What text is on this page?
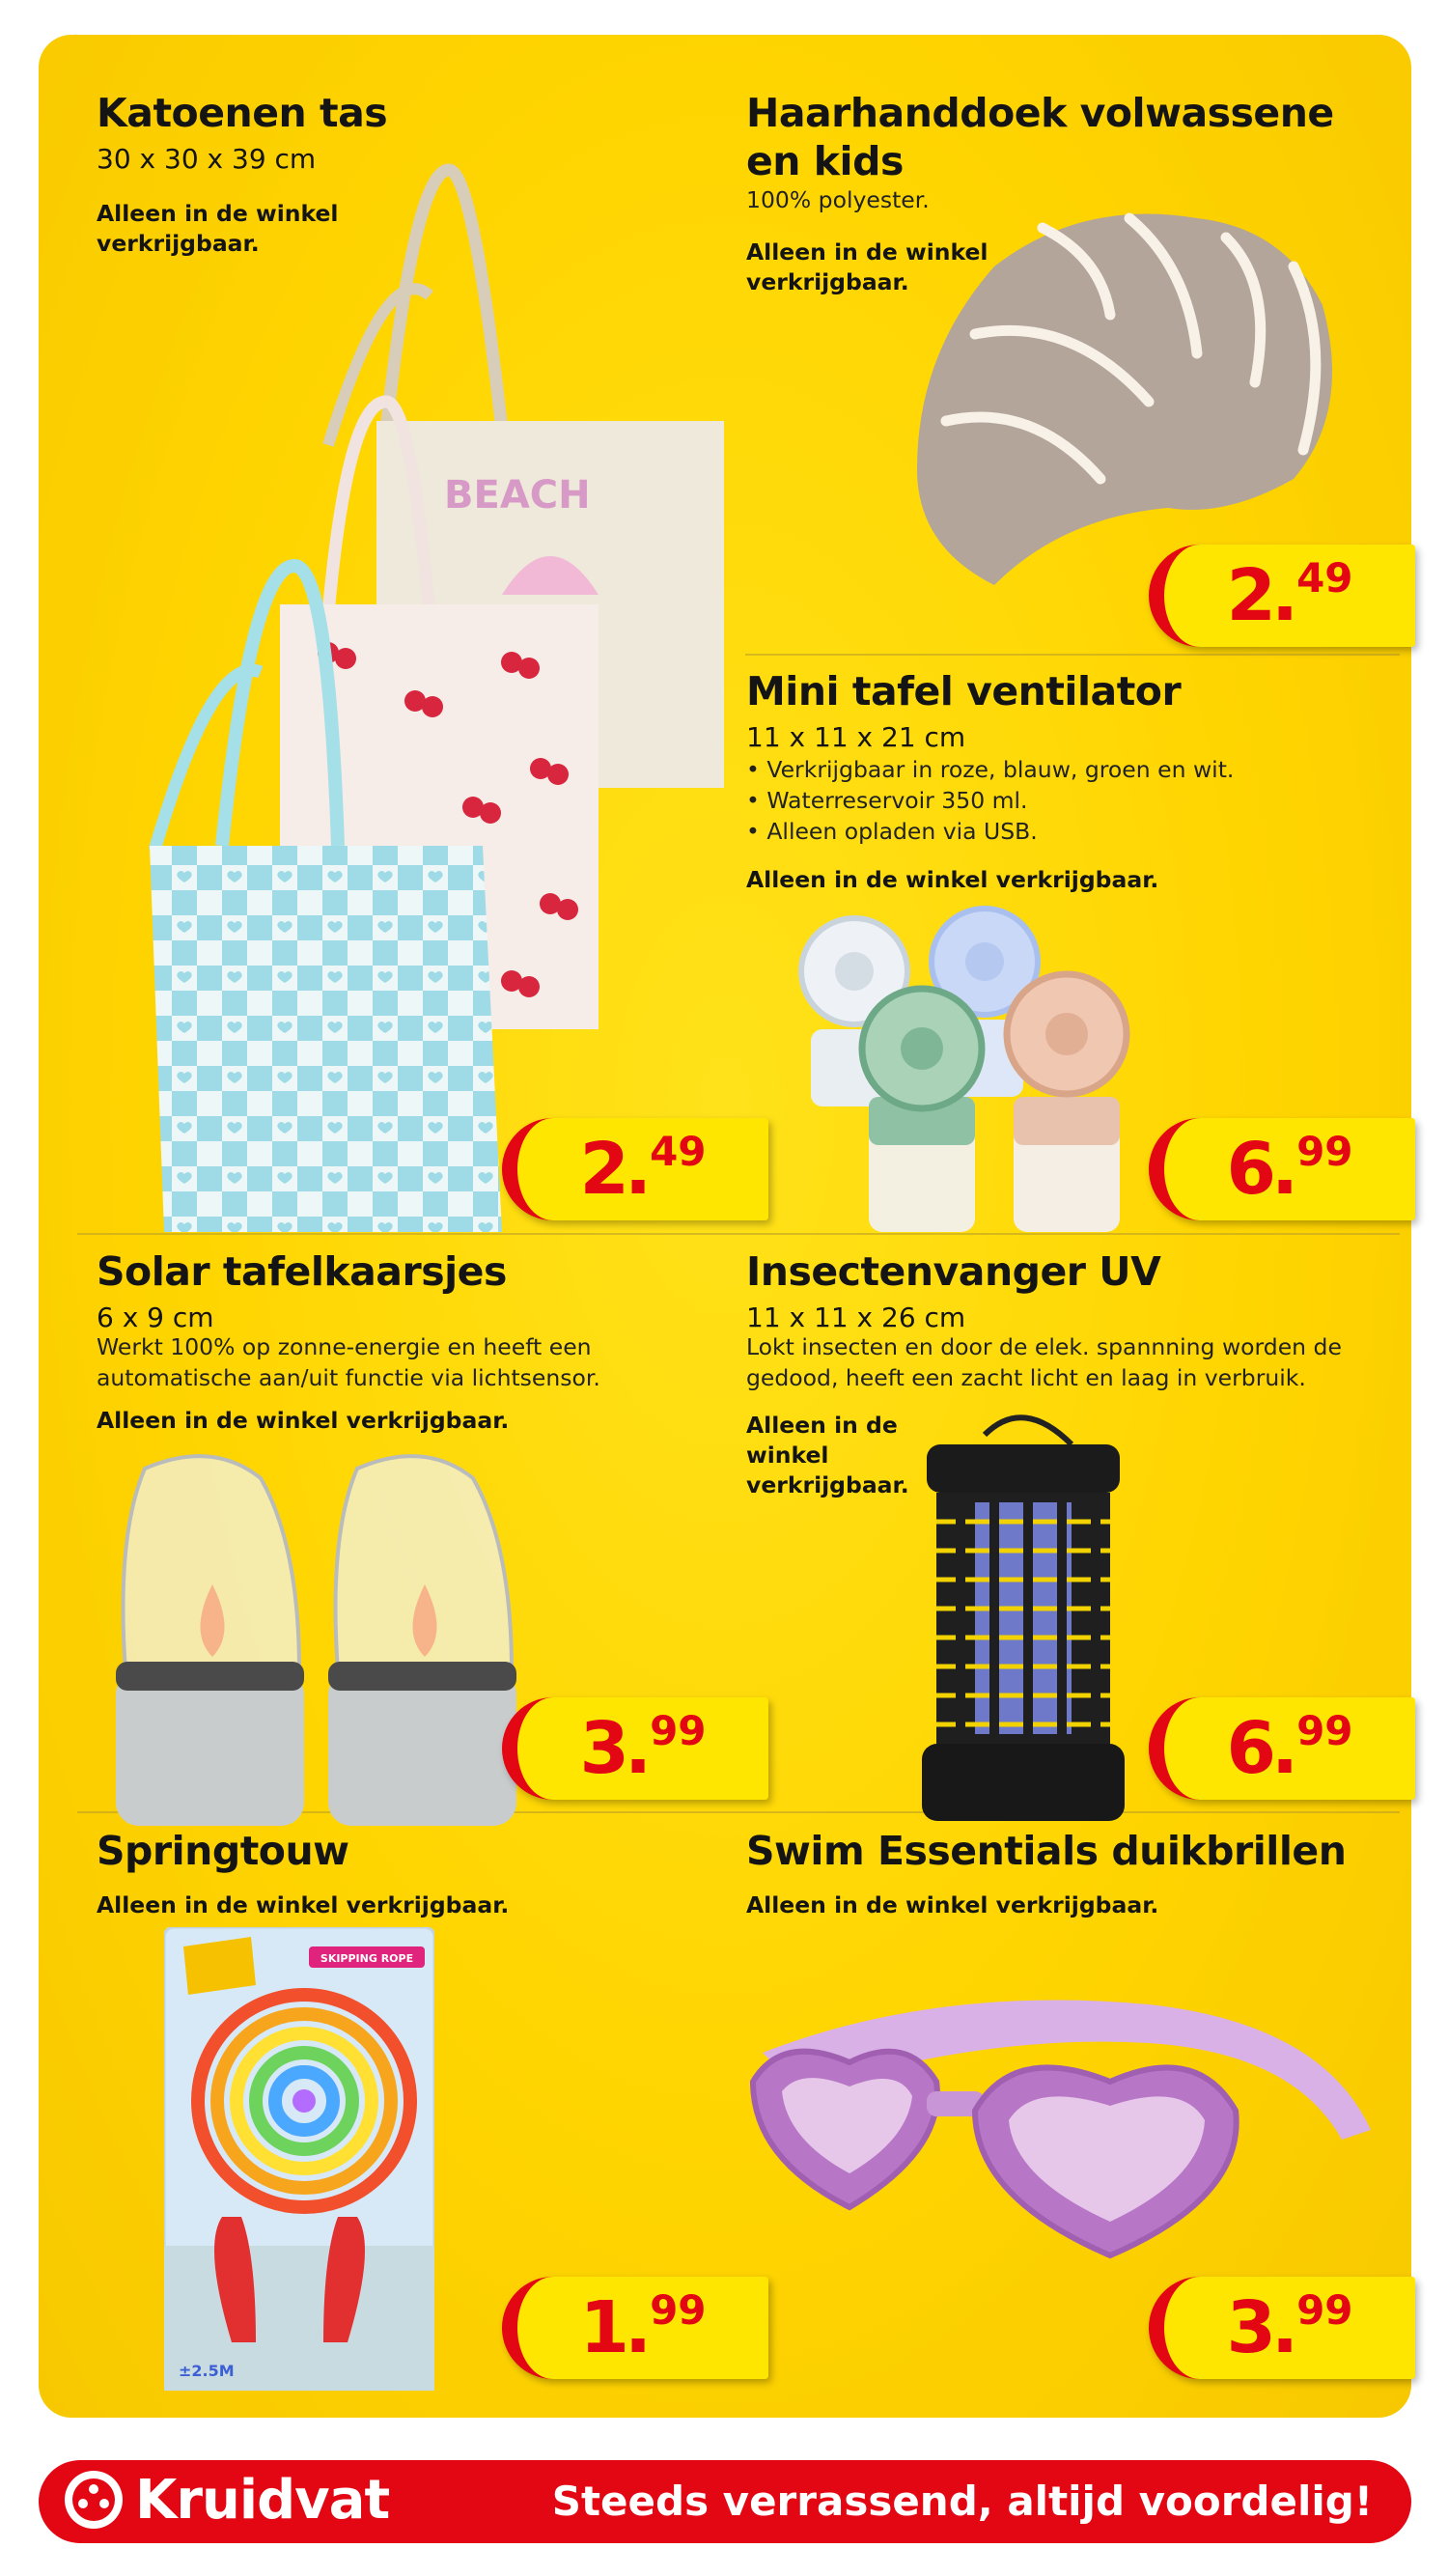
Katoenen tas

30 x 30 x 39 cm

Alleen in de winkel verkrijgbaar.

BEACH
2
.
49
Haarhanddoek volwassene en kids

100% polyester.

Alleen in de winkel verkrijgbaar.

2
.
49
Mini tafel ventilator

11 x 11 x 21 cm

• Verkrijgbaar in roze, blauw, groen en wit.
• Waterreservoir 350 ml.
• Alleen opladen via USB.

Alleen in de winkel verkrijgbaar.

6
.
99
Solar tafelkaarsjes

6 x 9 cm

Werkt 100% op zonne-energie en heeft een automatische aan/uit functie via lichtsensor.

Alleen in de winkel verkrijgbaar.

3
.
99
Insectenvanger UV

11 x 11 x 26 cm

Lokt insecten en door de elek. spannning worden de gedood, heeft een zacht licht en laag in verbruik.

Alleen in de winkel verkrijgbaar.

6
.
99
Springtouw

Alleen in de winkel verkrijgbaar.

SKIPPING ROPE
±2.5M
1
.
99
Swim Essentials duikbrillen

Alleen in de winkel verkrijgbaar.

3
.
99
Kruidvat	Steeds verrassend, altijd voordelig!
